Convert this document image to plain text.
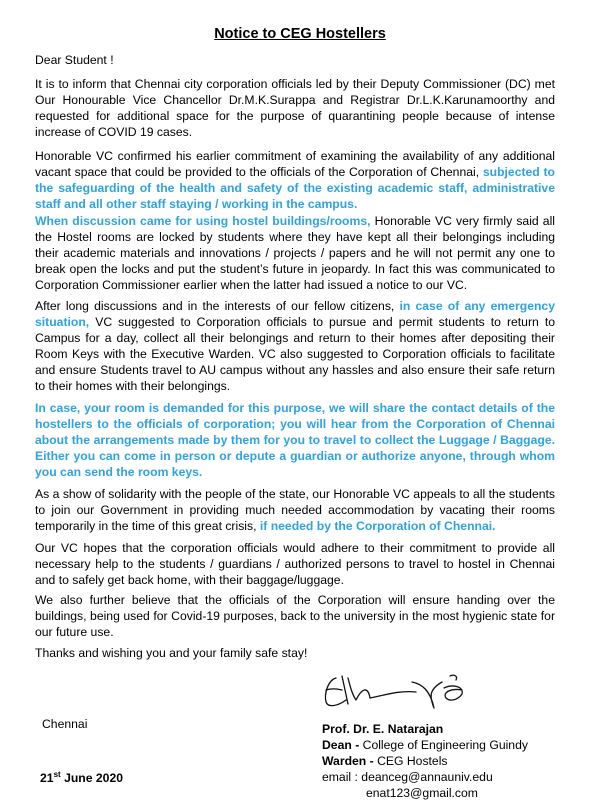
Notice to CEG Hostellers

Dear Student !

It is to inform that Chennai city corporation officials led by their Deputy Commissioner (DC) met Our Honourable Vice Chancellor Dr.M.K.Surappa and Registrar Dr.L.K.Karunamoorthy and requested for additional space for the purpose of quarantining people because of intense increase of COVID 19 cases.

Honorable VC confirmed his earlier commitment of examining the availability of any additional vacant space that could be provided to the officials of the Corporation of Chennai, subjected to the safeguarding of the health and safety of the existing academic staff, administrative staff and all other staff staying / working in the campus.

When discussion came for using hostel buildings/rooms, Honorable VC very firmly said all the Hostel rooms are locked by students where they have kept all their belongings including their academic materials and innovations / projects / papers and he will not permit any one to break open the locks and put the student’s future in jeopardy. In fact this was communicated to Corporation Commissioner earlier when the latter had issued a notice to our VC.

After long discussions and in the interests of our fellow citizens, in case of any emergency situation, VC suggested to Corporation officials to pursue and permit students to return to Campus for a day, collect all their belongings and return to their homes after depositing their Room Keys with the Executive Warden. VC also suggested to Corporation officials to facilitate and ensure Students travel to AU campus without any hassles and also ensure their safe return to their homes with their belongings.

In case, your room is demanded for this purpose, we will share the contact details of the hostellers to the officials of corporation; you will hear from the Corporation of Chennai about the arrangements made by them for you to travel to collect the Luggage / Baggage. Either you can come in person or depute a guardian or authorize anyone, through whom you can send the room keys.

As a show of solidarity with the people of the state, our Honorable VC appeals to all the students to join our Government in providing much needed accommodation by vacating their rooms temporarily in the time of this great crisis, if needed by the Corporation of Chennai.

Our VC hopes that the corporation officials would adhere to their commitment to provide all necessary help to the students / guardians / authorized persons to travel to hostel in Chennai and to safely get back home, with their baggage/luggage.

We also further believe that the officials of the Corporation will ensure handing over the buildings, being used for Covid-19 purposes, back to the university in the most hygienic state for our future use.

Thanks and wishing you and your family safe stay!

Chennai
21st June 2020
Prof. Dr. E. Natarajan
Dean - College of Engineering Guindy
Warden - CEG Hostels
email : deanceg@annauniv.edu
enat123@gmail.com
